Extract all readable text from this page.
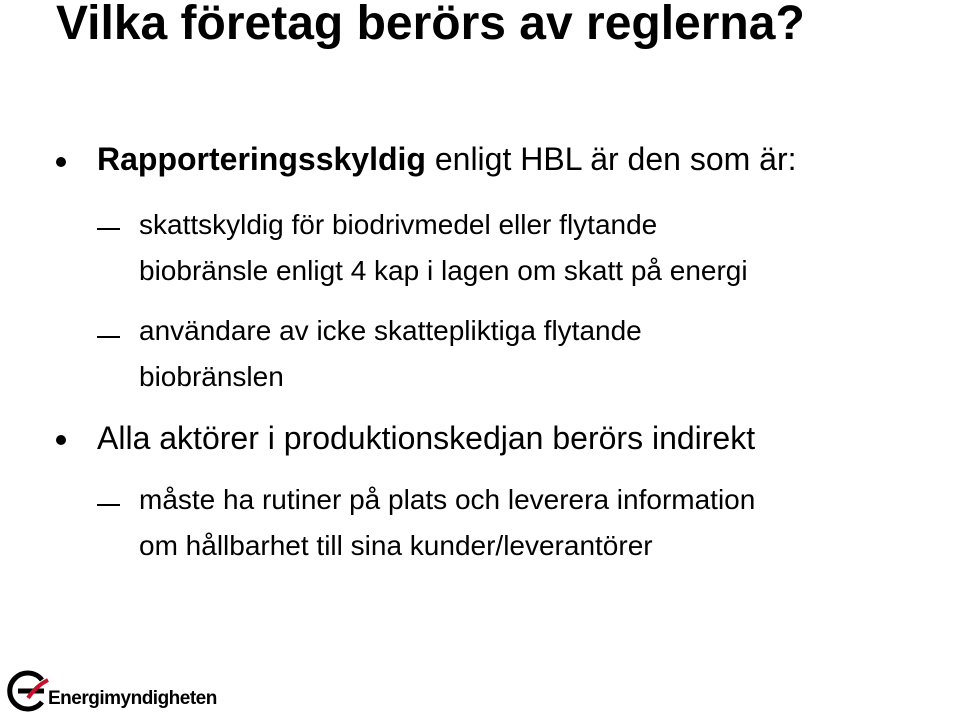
Vilka företag berörs av reglerna?
Rapporteringsskyldig enligt HBL är den som är:
skattskyldig för biodrivmedel eller flytande
biobränsle enligt 4 kap i lagen om skatt på energi
användare av icke skattepliktiga flytande
biobränslen
Alla aktörer i produktionskedjan berörs indirekt
måste ha rutiner på plats och leverera information
om hållbarhet till sina kunder/leverantörer
Energimyndigheten
